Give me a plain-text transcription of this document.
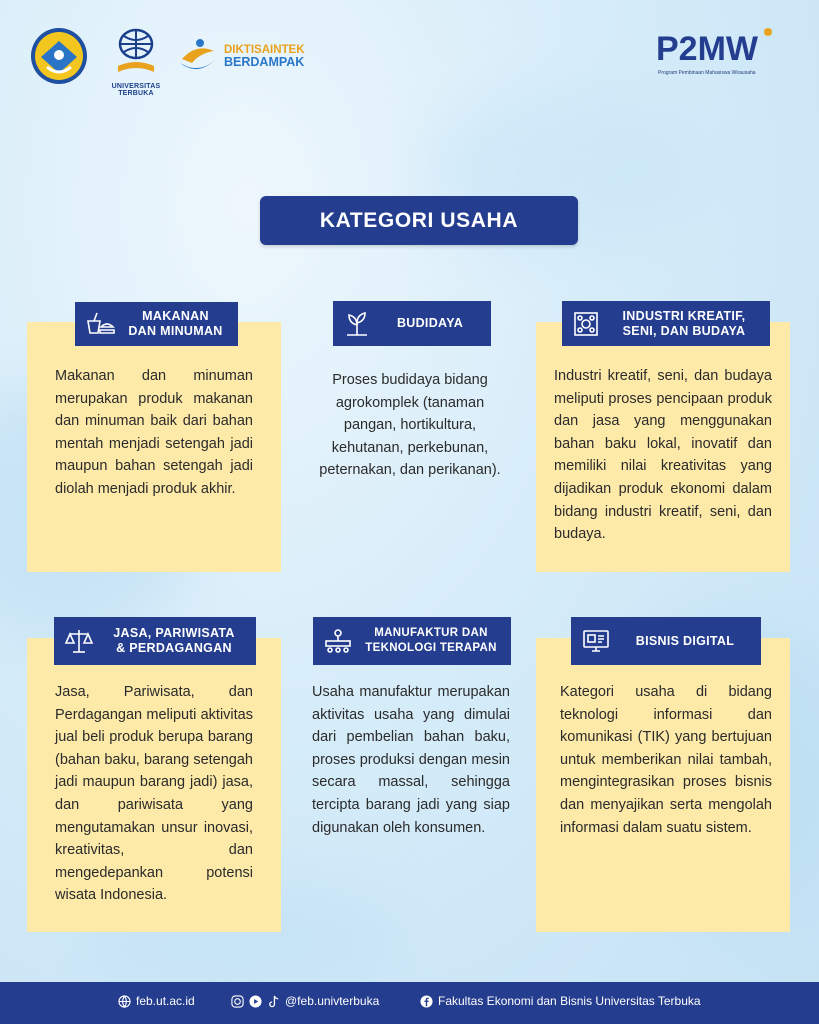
UNIVERSITAS TERBUKA
DIKTISAINTEK
BERDAMPAK	P2MW
Program Pembinaan Mahasiswa Wirausaha
KATEGORI USAHA

Makanan dan minuman merupakan produk makanan dan minuman baik dari bahan mentah menjadi setengah jadi maupun bahan setengah jadi diolah menjadi produk akhir.

MAKANAN
DAN MINUMAN

Proses budidaya bidang agrokomplek (tanaman pangan, hortikultura, kehutanan, perkebunan, peternakan, dan perikanan).

BUDIDAYA

Industri kreatif, seni, dan budaya meliputi proses pencipaan produk dan jasa yang menggunakan bahan baku lokal, inovatif dan memiliki nilai kreativitas yang dijadikan produk ekonomi dalam bidang industri kreatif, seni, dan budaya.

INDUSTRI KREATIF,
SENI, DAN BUDAYA

Jasa, Pariwisata, dan Perdagangan meliputi aktivitas jual beli produk berupa barang (bahan baku, barang setengah jadi maupun barang jadi) jasa, dan pariwisata yang mengutamakan unsur inovasi, kreativitas, dan mengedepankan potensi wisata Indonesia.

JASA, PARIWISATA
& PERDAGANGAN

Usaha manufaktur merupakan aktivitas usaha yang dimulai dari pembelian bahan baku, proses produksi dengan mesin secara massal, sehingga tercipta barang jadi yang siap digunakan oleh konsumen.

MANUFAKTUR DAN
TEKNOLOGI TERAPAN

Kategori usaha di bidang teknologi informasi dan komunikasi (TIK) yang bertujuan untuk memberikan nilai tambah, mengintegrasikan proses bisnis dan menyajikan serta mengolah informasi dalam suatu sistem.

BISNIS DIGITAL
feb.ut.ac.id	@feb.univterbuka	Fakultas Ekonomi dan Bisnis Universitas Terbuka
